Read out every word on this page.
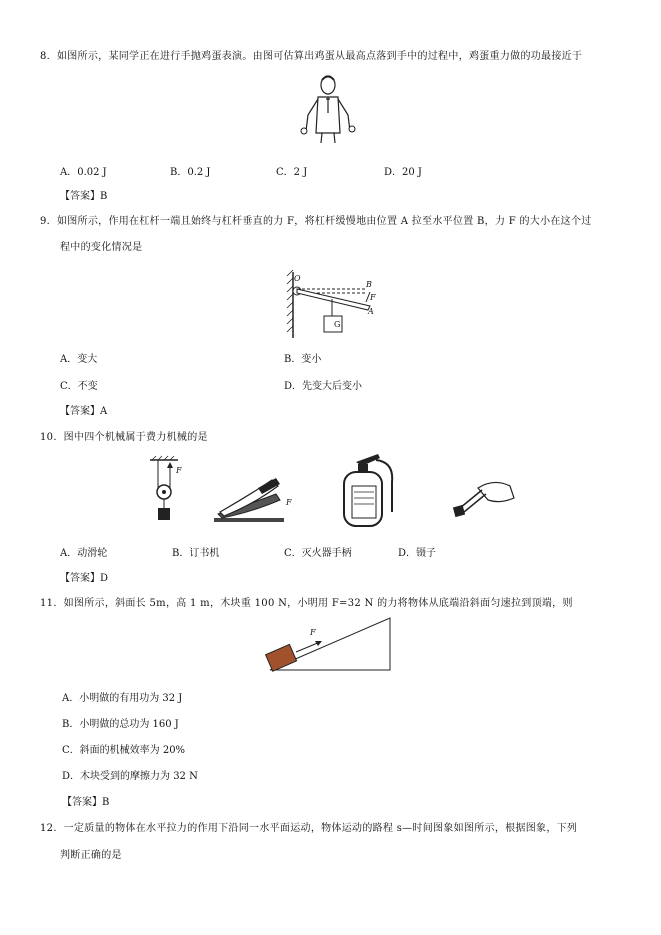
8．如图所示，某同学正在进行手抛鸡蛋表演。由图可估算出鸡蛋从最高点落到手中的过程中，鸡蛋重力做的功最接近于
A．0.02 J	B．0.2 J	C．2 J	D．20 J
【答案】B
9．如图所示，作用在杠杆一端且始终与杠杆垂直的力 F，将杠杆缓慢地由位置 A 拉至水平位置 B，力 F 的大小在这个过
程中的变化情况是
O
B
F
A
G
A．变大	B．变小
C．不变	D．先变大后变小
【答案】A
10．图中四个机械属于费力机械的是
F
F
A．动滑轮	B．订书机	C．灭火器手柄	D．镊子
【答案】D
11．如图所示，斜面长 5m，高 1 m，木块重 100 N，小明用 F=32 N 的力将物体从底端沿斜面匀速拉到顶端，则
F
A．小明做的有用功为 32 J
B．小明做的总功为 160 J
C．斜面的机械效率为 20%
D．木块受到的摩擦力为 32 N
【答案】B
12．一定质量的物体在水平拉力的作用下沿同一水平面运动，物体运动的路程 s—时间图象如图所示，根据图象，下列
判断正确的是
